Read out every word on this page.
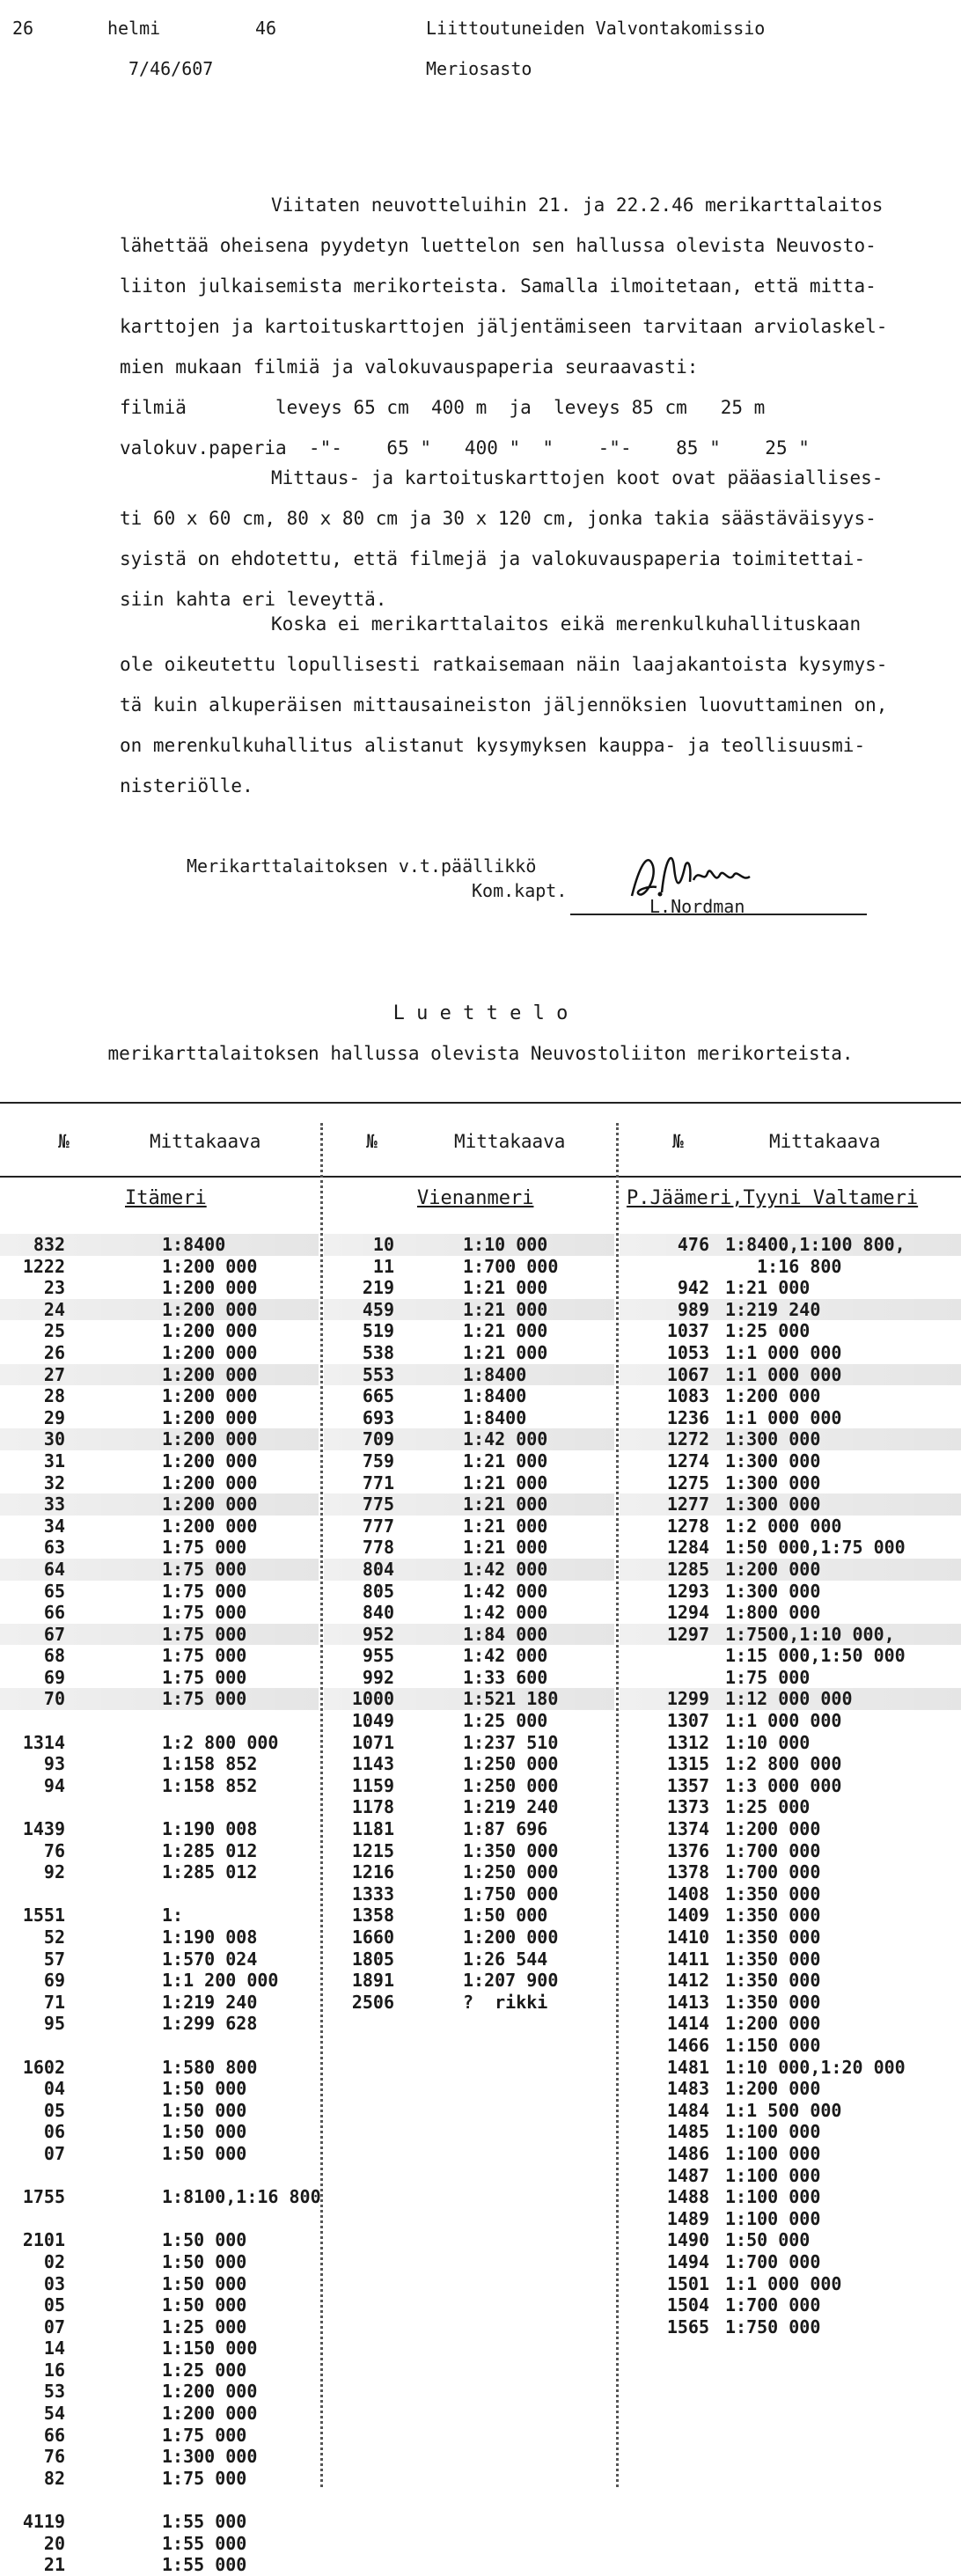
26	helmi	46
7/46/607
Liittoutuneiden Valvontakomissio
Meriosasto
Viitaten neuvotteluihin 21. ja 22.2.46 merikarttalaitos
lähettää oheisena pyydetyn luettelon sen hallussa olevista Neuvosto-
liiton julkaisemista merikorteista. Samalla ilmoitetaan, että mitta-
karttojen ja kartoituskarttojen jäljentämiseen tarvitaan arviolaskel-
mien mukaan filmiä ja valokuvauspaperia seuraavasti:
filmiä        leveys 65 cm  400 m  ja  leveys 85 cm   25 m
valokuv.paperia  -"-    65 "   400 "  "    -"-    85 "    25 "
Mittaus- ja kartoituskarttojen koot ovat pääasiallises-
ti 60 x 60 cm, 80 x 80 cm ja 30 x 120 cm, jonka takia säästäväisyys-
syistä on ehdotettu, että filmejä ja valokuvauspaperia toimitettai-
siin kahta eri leveyttä.
Koska ei merikarttalaitos eikä merenkulkuhallituskaan
ole oikeutettu lopullisesti ratkaisemaan näin laajakantoista kysymys-
tä kuin alkuperäisen mittausaineiston jäljennöksien luovuttaminen on,
on merenkulkuhallitus alistanut kysymyksen kauppa- ja teollisuusmi-
nisteriölle.
Merikarttalaitoksen v.t.päällikkö
Kom.kapt.
L.Nordman
L u e t t e l o
merikarttalaitoksen hallussa olevista Neuvostoliiton merikorteista.
№	Mittakaava
Itämeri
832	1:8400
1222	1:200 000
23	1:200 000
24	1:200 000
25	1:200 000
26	1:200 000
27	1:200 000
28	1:200 000
29	1:200 000
30	1:200 000
31	1:200 000
32	1:200 000
33	1:200 000
34	1:200 000
63	1:75 000
64	1:75 000
65	1:75 000
66	1:75 000
67	1:75 000
68	1:75 000
69	1:75 000
70	1:75 000
1314	1:2 800 000
93	1:158 852
94	1:158 852
1439	1:190 008
76	1:285 012
92	1:285 012
1551	1:
52	1:190 008
57	1:570 024
69	1:1 200 000
71	1:219 240
95	1:299 628
1602	1:580 800
04	1:50 000
05	1:50 000
06	1:50 000
07	1:50 000
1755	1:8100,1:16 800
2101	1:50 000
02	1:50 000
03	1:50 000
05	1:50 000
07	1:25 000
14	1:150 000
16	1:25 000
53	1:200 000
54	1:200 000
66	1:75 000
76	1:300 000
82	1:75 000
4119	1:55 000
20	1:55 000
21	1:55 000
№	Mittakaava
Vienanmeri
10	1:10 000
11	1:700 000
219	1:21 000
459	1:21 000
519	1:21 000
538	1:21 000
553	1:8400
665	1:8400
693	1:8400
709	1:42 000
759	1:21 000
771	1:21 000
775	1:21 000
777	1:21 000
778	1:21 000
804	1:42 000
805	1:42 000
840	1:42 000
952	1:84 000
955	1:42 000
992	1:33 600
1000	1:521 180
1049	1:25 000
1071	1:237 510
1143	1:250 000
1159	1:250 000
1178	1:219 240
1181	1:87 696
1215	1:350 000
1216	1:250 000
1333	1:750 000
1358	1:50 000
1660	1:200 000
1805	1:26 544
1891	1:207 900
2506	?  rikki
№	Mittakaava
P.Jäämeri,Tyyni Valtameri
476 1:8400,1:100 800,
1:16 800
942 1:21 000
989 1:219 240
1037 1:25 000
1053 1:1 000 000
1067 1:1 000 000
1083 1:200 000
1236 1:1 000 000
1272 1:300 000
1274 1:300 000
1275 1:300 000
1277 1:300 000
1278 1:2 000 000
1284 1:50 000,1:75 000
1285 1:200 000
1293 1:300 000
1294 1:800 000
1297 1:7500,1:10 000,
1:15 000,1:50 000
1:75 000
1299 1:12 000 000
1307 1:1 000 000
1312 1:10 000
1315 1:2 800 000
1357 1:3 000 000
1373 1:25 000
1374 1:200 000
1376 1:700 000
1378 1:700 000
1408 1:350 000
1409 1:350 000
1410 1:350 000
1411 1:350 000
1412 1:350 000
1413 1:350 000
1414 1:200 000
1466 1:150 000
1481 1:10 000,1:20 000
1483 1:200 000
1484 1:1 500 000
1485 1:100 000
1486 1:100 000
1487 1:100 000
1488 1:100 000
1489 1:100 000
1490 1:50 000
1494 1:700 000
1501 1:1 000 000
1504 1:700 000
1565 1:750 000
